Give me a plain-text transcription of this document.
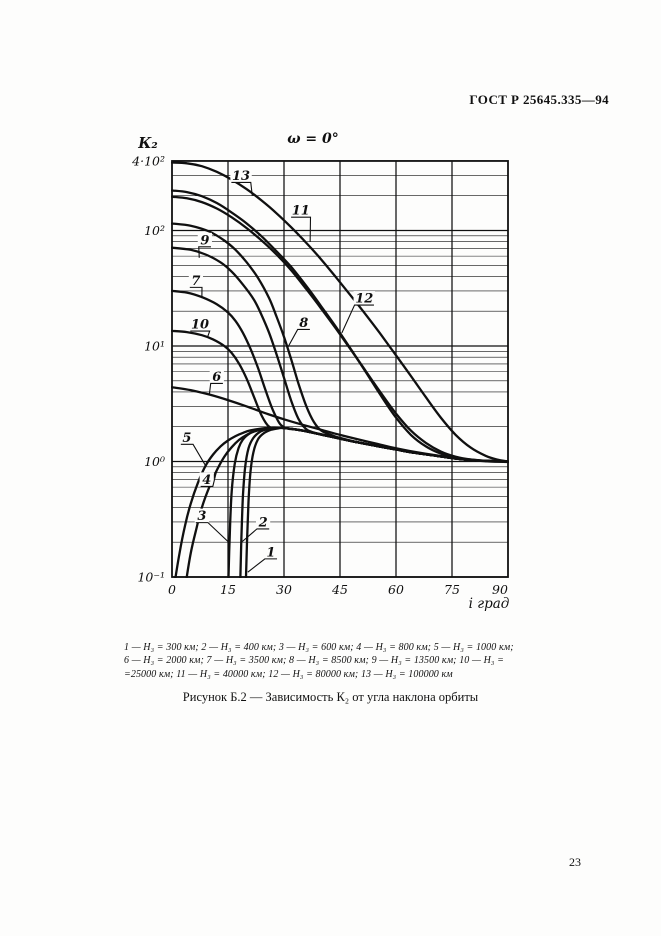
ГОСТ Р 25645.335—94
13
11
12
9
8
7
10
6
5
4
3	2
1
4·10²
10²
10¹
10⁰
10⁻¹
0	15	30	45	60	75	90
К₂
i град
ω = 0°
1 — Н₃ = 300 км; 2 — Н₃ = 400 км; 3 — Н₃ = 600 км; 4 — Н₃ = 800 км; 5 — Н₃ = 1000 км;
6 — Н₃ = 2000 км; 7 — Н₃ = 3500 км; 8 — Н₃ = 8500 км; 9 — Н₃ = 13500 км; 10 — Н₃ =
=25000 км; 11 — Н₃ = 40000 км; 12 — Н₃ = 80000 км; 13 — Н₃ = 100000 км
Рисунок Б.2 — Зависимость К₂ от угла наклона орбиты
23
